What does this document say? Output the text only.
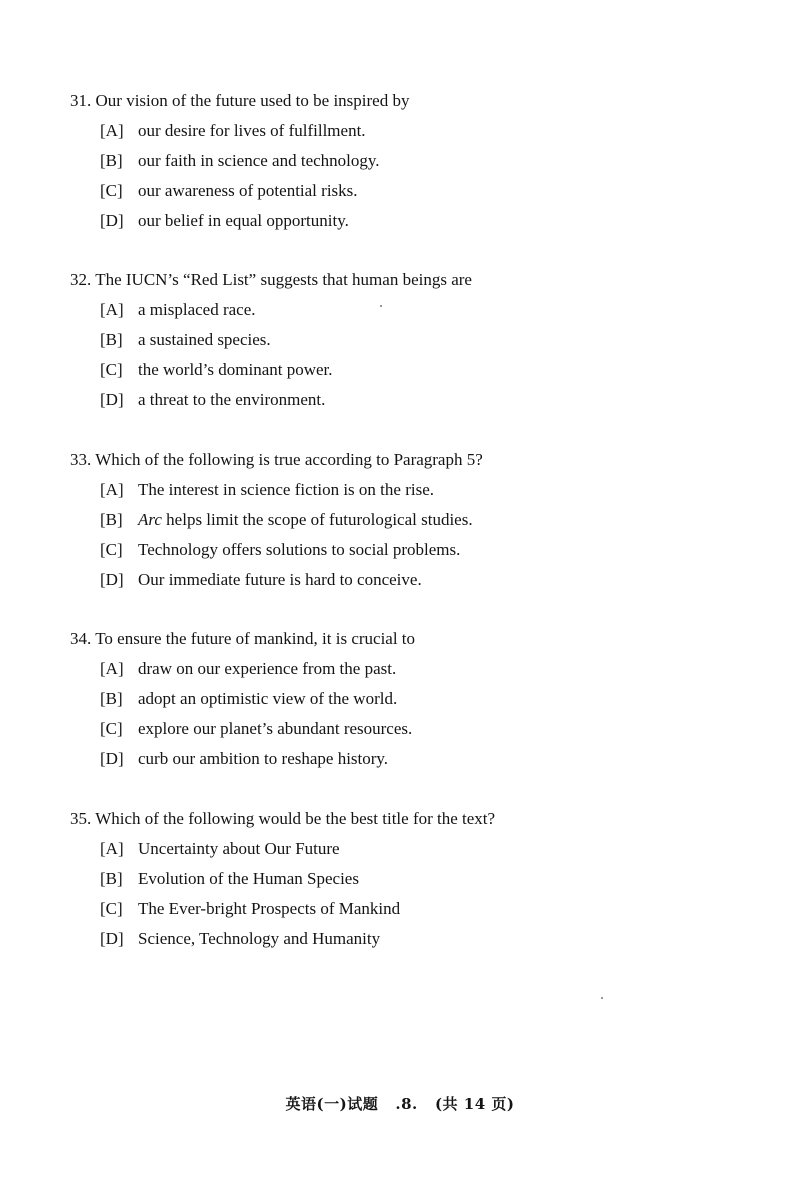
31. Our vision of the future used to be inspired by
[A] our desire for lives of fulfillment.
[B] our faith in science and technology.
[C] our awareness of potential risks.
[D] our belief in equal opportunity.
32. The IUCN’s “Red List” suggests that human beings are
[A] a misplaced race.
[B] a sustained species.
[C] the world’s dominant power.
[D] a threat to the environment.
33. Which of the following is true according to Paragraph 5?
[A] The interest in science fiction is on the rise.
[B] Arc helps limit the scope of futurological studies.
[C] Technology offers solutions to social problems.
[D] Our immediate future is hard to conceive.
34. To ensure the future of mankind, it is crucial to
[A] draw on our experience from the past.
[B] adopt an optimistic view of the world.
[C] explore our planet’s abundant resources.
[D] curb our ambition to reshape history.
35. Which of the following would be the best title for the text?
[A] Uncertainty about Our Future
[B] Evolution of the Human Species
[C] The Ever-bright Prospects of Mankind
[D] Science, Technology and Humanity
英语(一)试题 .8. (共 14 页)
